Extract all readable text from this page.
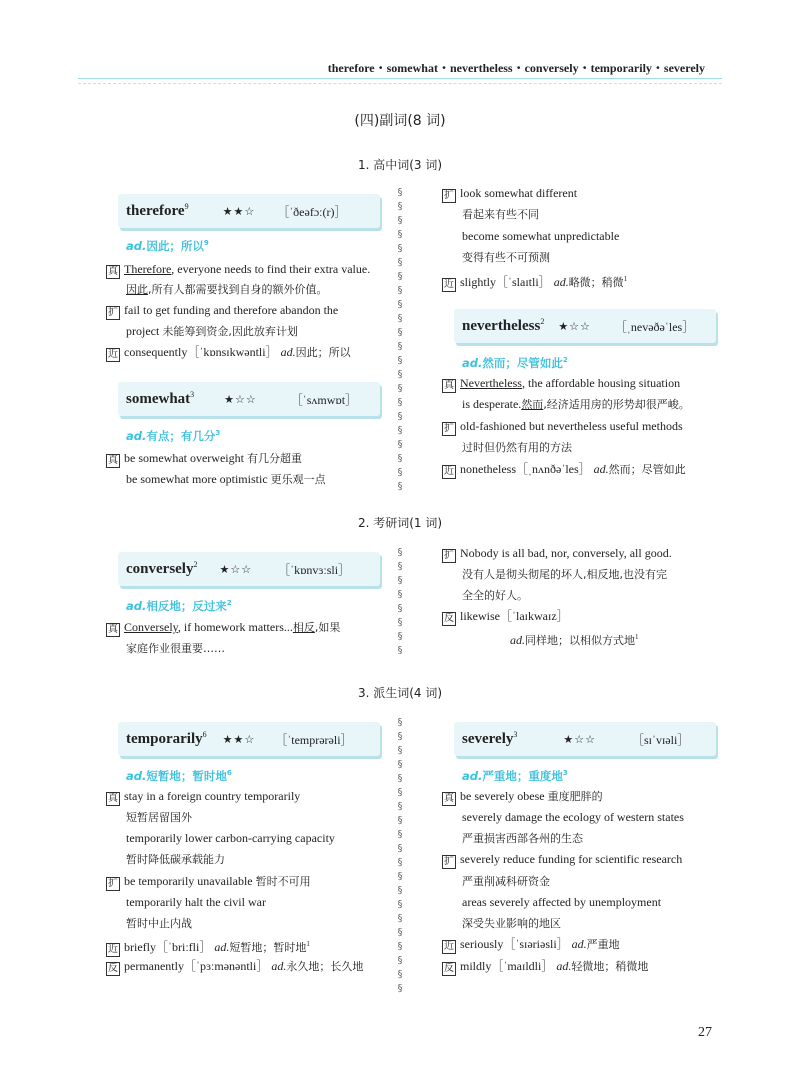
therefore・somewhat・nevertheless・conversely・temporarily・severely
(四)副词(8 词)
1. 高中词(3 词)
2. 考研词(1 词)
3. 派生词(4 词)
§
§
§
§
§
§
§
§
§
§
§
§
§
§
§
§
§
§
§
§
§
§
§
§
§
§
§
§
§
§
§
§
§
§
§
§
§
§
§
§
§
§
§
§
§
§
§
§
§
§
therefore$^9$	★★☆ ［ˈðeəfɔː(r)］
ad.因此；所以$^9$
真 Therefore, everyone needs to find their extra value.
因此,所有人都需要找到自身的额外价值。
扩 fail to get funding and therefore abandon the
project 未能筹到资金,因此放弃计划
近 consequently［ˈkɒnsɪkwəntli］ ad.因此；所以
somewhat$^3$	★☆☆	［ˈsʌmwɒt］
ad.有点；有几分$^3$
真 be somewhat overweight 有几分超重
be somewhat more optimistic 更乐观一点
扩 look somewhat different
看起来有些不同
become somewhat unpredictable
变得有些不可预测
近 slightly［ˈslaɪtli］ ad.略微；稍微$^1$
nevertheless$^2$ ★☆☆ ［ˌnevəðəˈles］
ad.然而；尽管如此$^2$
真 Nevertheless, the affordable housing situation
is desperate.然而,经济适用房的形势却很严峻。
扩 old-fashioned but nevertheless useful methods
过时但仍然有用的方法
近 nonetheless［ˌnʌnðəˈles］ ad.然而；尽管如此
conversely$^2$ ★☆☆ ［ˈkɒnvɜːsli］
ad.相反地；反过来$^2$
真 Conversely, if homework matters...相反,如果
家庭作业很重要……
扩 Nobody is all bad, nor, conversely, all good.
没有人是彻头彻尾的坏人,相反地,也没有完
全全的好人。
反 likewise［ˈlaɪkwaɪz］
ad.同样地；以相似方式地$^1$
temporarily$^6$ ★★☆ ［ˈtemprərəli］
ad.短暂地；暂时地$^6$
真 stay in a foreign country temporarily
短暂居留国外
temporarily lower carbon-carrying capacity
暂时降低碳承载能力
扩 be temporarily unavailable 暂时不可用
temporarily halt the civil war
暂时中止内战
近 briefly［ˈbriːfli］ ad.短暂地；暂时地$^1$
反 permanently［ˈpɜːmənəntli］ ad.永久地；长久地
severely$^3$	★☆☆	［sɪˈvɪəli］
ad.严重地；重度地$^3$
真 be severely obese 重度肥胖的
severely damage the ecology of western states
严重损害西部各州的生态
扩 severely reduce funding for scientific research
严重削减科研资金
areas severely affected by unemployment
深受失业影响的地区
近 seriously［ˈsɪəriəsli］ ad.严重地
反 mildly［ˈmaɪldli］ ad.轻微地；稍微地
27
